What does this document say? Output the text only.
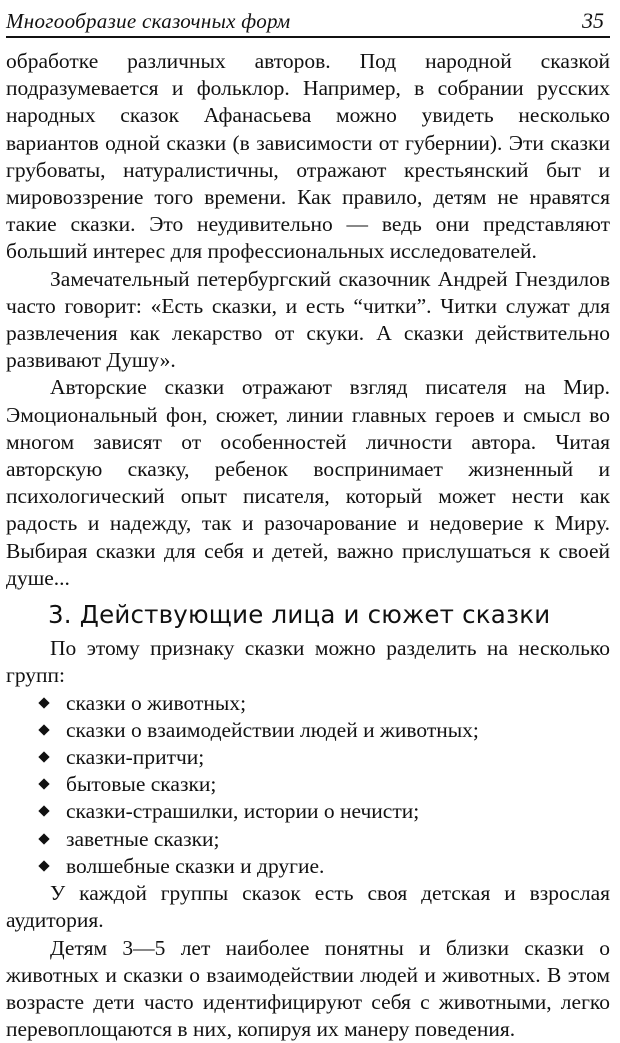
Многообразие сказочных форм	35

обработке различных авторов. Под народной сказкой подразумевается и фольклор. Например, в собрании русских народных сказок Афанасьева можно увидеть несколько вариантов одной сказки (в зависимости от губернии). Эти сказки грубоваты, натуралистичны, отражают крестьянский быт и мировоззрение того времени. Как правило, детям не нравятся такие сказки. Это неудивительно — ведь они представляют больший интерес для профессиональных исследователей.

Замечательный петербургский сказочник Андрей Гнездилов часто говорит: «Есть сказки, и есть “читки”. Читки служат для развлечения как лекарство от скуки. А сказки действительно развивают Душу».

Авторские сказки отражают взгляд писателя на Мир. Эмоциональный фон, сюжет, линии главных героев и смысл во многом зависят от особенностей личности автора. Читая авторскую сказку, ребенок воспринимает жизненный и психологический опыт писателя, который может нести как радость и надежду, так и разочарование и недоверие к Миру. Выбирая сказки для себя и детей, важно прислушаться к своей душе...

3. Действующие лица и сюжет сказки

По этому признаку сказки можно разделить на несколько групп:

сказки о животных;
сказки о взаимодействии людей и животных;
сказки-притчи;
бытовые сказки;
сказки-страшилки, истории о нечисти;
заветные сказки;
волшебные сказки и другие.

У каждой группы сказок есть своя детская и взрослая аудитория.

Детям 3—5 лет наиболее понятны и близки сказки о животных и сказки о взаимодействии людей и животных. В этом возрасте дети часто идентифицируют себя с животными, легко перевоплощаются в них, копируя их манеру поведения.
